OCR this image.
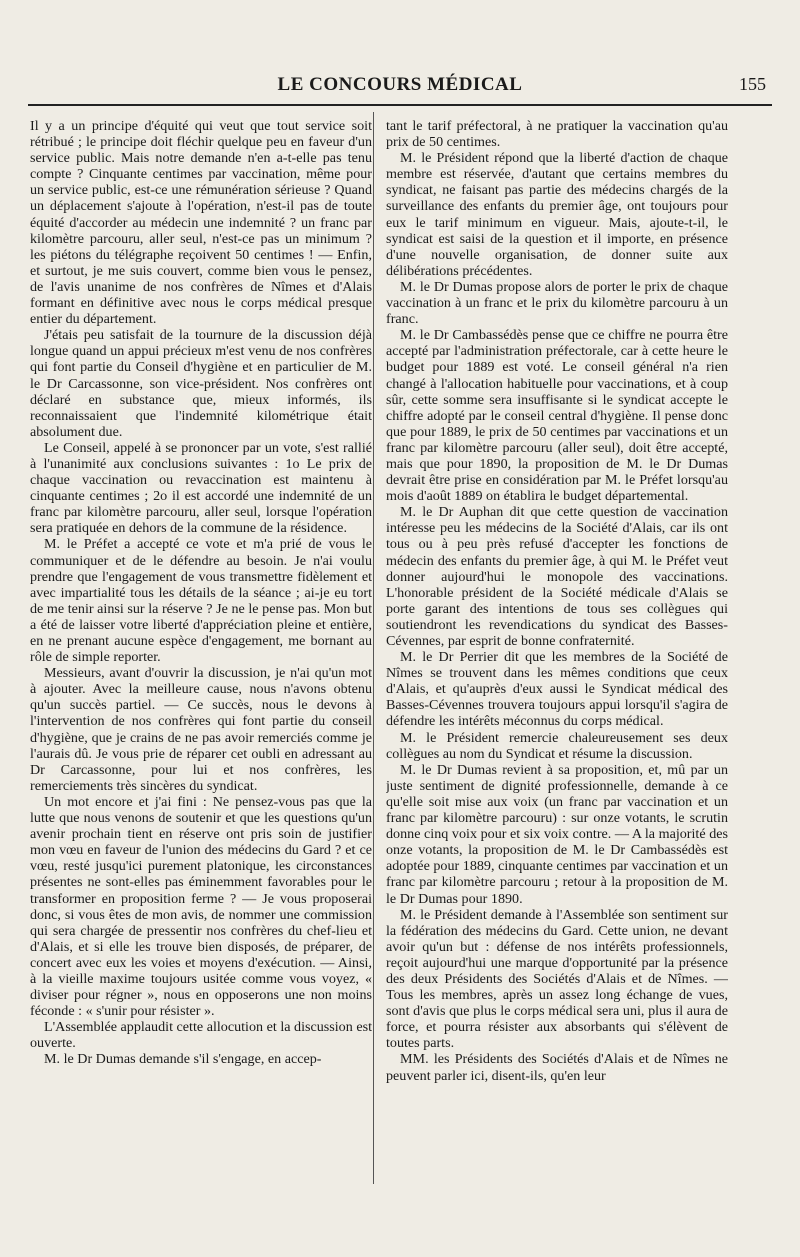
LE CONCOURS MÉDICAL	155

Il y a un principe d'équité qui veut que tout service soit rétribué ; le principe doit fléchir quelque peu en faveur d'un service public. Mais notre demande n'en a-t-elle pas tenu compte ? Cinquante centimes par vaccination, même pour un service public, est-ce une rémunération sérieuse ? Quand un déplacement s'ajoute à l'opération, n'est-il pas de toute équité d'accorder au médecin une indemnité ? un franc par kilomètre parcouru, aller seul, n'est-ce pas un minimum ? les piétons du télégraphe reçoivent 50 centimes ! — Enfin, et surtout, je me suis couvert, comme bien vous le pensez, de l'avis unanime de nos confrères de Nîmes et d'Alais formant en définitive avec nous le corps médical presque entier du département.

J'étais peu satisfait de la tournure de la discussion déjà longue quand un appui précieux m'est venu de nos confrères qui font partie du Conseil d'hygiène et en particulier de M. le Dr Carcassonne, son vice-président. Nos confrères ont déclaré en substance que, mieux informés, ils reconnaissaient que l'indemnité kilométrique était absolument due.

Le Conseil, appelé à se prononcer par un vote, s'est rallié à l'unanimité aux conclusions suivantes : 1o Le prix de chaque vaccination ou revaccination est maintenu à cinquante centimes ; 2o il est accordé une indemnité de un franc par kilomètre parcouru, aller seul, lorsque l'opération sera pratiquée en dehors de la commune de la résidence.

M. le Préfet a accepté ce vote et m'a prié de vous le communiquer et de le défendre au besoin. Je n'ai voulu prendre que l'engagement de vous transmettre fidèlement et avec impartialité tous les détails de la séance ; ai-je eu tort de me tenir ainsi sur la réserve ? Je ne le pense pas. Mon but a été de laisser votre liberté d'appréciation pleine et entière, en ne prenant aucune espèce d'engagement, me bornant au rôle de simple reporter.

Messieurs, avant d'ouvrir la discussion, je n'ai qu'un mot à ajouter. Avec la meilleure cause, nous n'avons obtenu qu'un succès partiel. — Ce succès, nous le devons à l'intervention de nos confrères qui font partie du conseil d'hygiène, que je crains de ne pas avoir remerciés comme je l'aurais dû. Je vous prie de réparer cet oubli en adressant au Dr Carcassonne, pour lui et nos confrères, les remerciements très sincères du syndicat.

Un mot encore et j'ai fini : Ne pensez-vous pas que la lutte que nous venons de soutenir et que les questions qu'un avenir prochain tient en réserve ont pris soin de justifier mon vœu en faveur de l'union des médecins du Gard ? et ce vœu, resté jusqu'ici purement platonique, les circonstances présentes ne sont-elles pas éminemment favorables pour le transformer en proposition ferme ? — Je vous proposerai donc, si vous êtes de mon avis, de nommer une commission qui sera chargée de pressentir nos confrères du chef-lieu et d'Alais, et si elle les trouve bien disposés, de préparer, de concert avec eux les voies et moyens d'exécution. — Ainsi, à la vieille maxime toujours usitée comme vous voyez, « diviser pour régner », nous en opposerons une non moins féconde : « s'unir pour résister ».

L'Assemblée applaudit cette allocution et la discussion est ouverte.

M. le Dr Dumas demande s'il s'engage, en accep-

tant le tarif préfectoral, à ne pratiquer la vaccination qu'au prix de 50 centimes.

M. le Président répond que la liberté d'action de chaque membre est réservée, d'autant que certains membres du syndicat, ne faisant pas partie des médecins chargés de la surveillance des enfants du premier âge, ont toujours pour eux le tarif minimum en vigueur. Mais, ajoute-t-il, le syndicat est saisi de la question et il importe, en présence d'une nouvelle organisation, de donner suite aux délibérations précédentes.

M. le Dr Dumas propose alors de porter le prix de chaque vaccination à un franc et le prix du kilomètre parcouru à un franc.

M. le Dr Cambassédès pense que ce chiffre ne pourra être accepté par l'administration préfectorale, car à cette heure le budget pour 1889 est voté. Le conseil général n'a rien changé à l'allocation habituelle pour vaccinations, et à coup sûr, cette somme sera insuffisante si le syndicat accepte le chiffre adopté par le conseil central d'hygiène. Il pense donc que pour 1889, le prix de 50 centimes par vaccinations et un franc par kilomètre parcouru (aller seul), doit être accepté, mais que pour 1890, la proposition de M. le Dr Dumas devrait être prise en considération par M. le Préfet lorsqu'au mois d'août 1889 on établira le budget départemental.

M. le Dr Auphan dit que cette question de vaccination intéresse peu les médecins de la Société d'Alais, car ils ont tous ou à peu près refusé d'accepter les fonctions de médecin des enfants du premier âge, à qui M. le Préfet veut donner aujourd'hui le monopole des vaccinations. L'honorable président de la Société médicale d'Alais se porte garant des intentions de tous ses collègues qui soutiendront les revendications du syndicat des Basses-Cévennes, par esprit de bonne confraternité.

M. le Dr Perrier dit que les membres de la Société de Nîmes se trouvent dans les mêmes conditions que ceux d'Alais, et qu'auprès d'eux aussi le Syndicat médical des Basses-Cévennes trouvera toujours appui lorsqu'il s'agira de défendre les intérêts méconnus du corps médical.

M. le Président remercie chaleureusement ses deux collègues au nom du Syndicat et résume la discussion.

M. le Dr Dumas revient à sa proposition, et, mû par un juste sentiment de dignité professionnelle, demande à ce qu'elle soit mise aux voix (un franc par vaccination et un franc par kilomètre parcouru) : sur onze votants, le scrutin donne cinq voix pour et six voix contre. — A la majorité des onze votants, la proposition de M. le Dr Cambassédès est adoptée pour 1889, cinquante centimes par vaccination et un franc par kilomètre parcouru ; retour à la proposition de M. le Dr Dumas pour 1890.

M. le Président demande à l'Assemblée son sentiment sur la fédération des médecins du Gard. Cette union, ne devant avoir qu'un but : défense de nos intérêts professionnels, reçoit aujourd'hui une marque d'opportunité par la présence des deux Présidents des Sociétés d'Alais et de Nîmes. — Tous les membres, après un assez long échange de vues, sont d'avis que plus le corps médical sera uni, plus il aura de force, et pourra résister aux absorbants qui s'élèvent de toutes parts.

MM. les Présidents des Sociétés d'Alais et de Nîmes ne peuvent parler ici, disent-ils, qu'en leur
